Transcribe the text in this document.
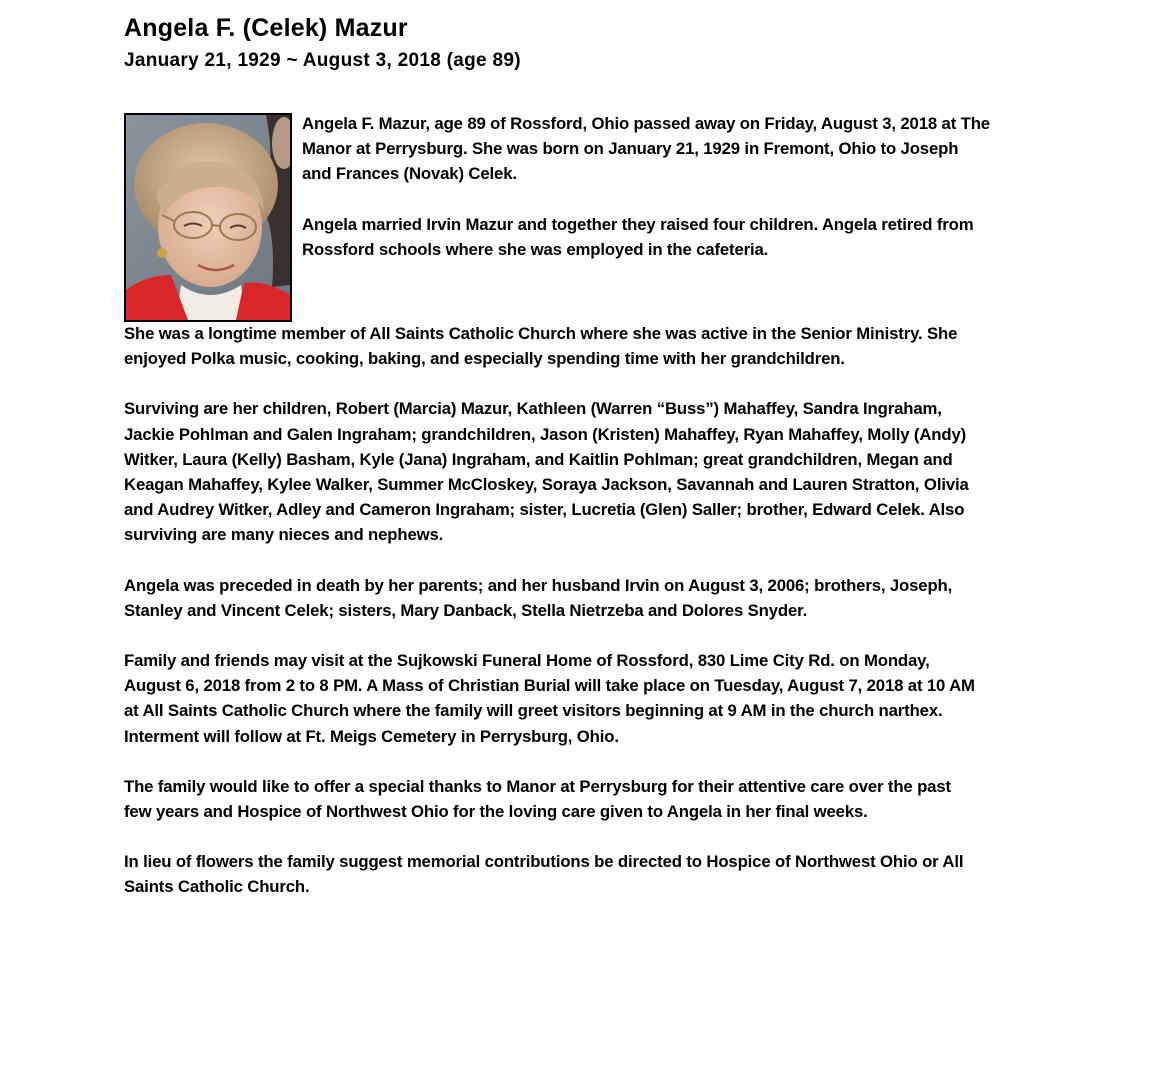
Angela F. (Celek) Mazur
January 21, 1929 ~ August 3, 2018 (age 89)

Angela F. Mazur, age 89 of Rossford, Ohio passed away on Friday, August 3, 2018 at The Manor at Perrysburg. She was born on January 21, 1929 in Fremont, Ohio to Joseph and Frances (Novak) Celek.

Angela married Irvin Mazur and together they raised four children. Angela retired from Rossford schools where she was employed in the cafeteria.

She was a longtime member of All Saints Catholic Church where she was active in the Senior Ministry. She enjoyed Polka music, cooking, baking, and especially spending time with her grandchildren.

Surviving are her children, Robert (Marcia) Mazur, Kathleen (Warren “Buss”) Mahaffey, Sandra Ingraham, Jackie Pohlman and Galen Ingraham; grandchildren, Jason (Kristen) Mahaffey, Ryan Mahaffey, Molly (Andy) Witker, Laura (Kelly) Basham, Kyle (Jana) Ingraham, and Kaitlin Pohlman; great grandchildren, Megan and Keagan Mahaffey, Kylee Walker, Summer McCloskey, Soraya Jackson, Savannah and Lauren Stratton, Olivia and Audrey Witker, Adley and Cameron Ingraham; sister, Lucretia (Glen) Saller; brother, Edward Celek. Also surviving are many nieces and nephews.

Angela was preceded in death by her parents; and her husband Irvin on August 3, 2006; brothers, Joseph, Stanley and Vincent Celek; sisters, Mary Danback, Stella Nietrzeba and Dolores Snyder.

Family and friends may visit at the Sujkowski Funeral Home of Rossford, 830 Lime City Rd. on Monday, August 6, 2018 from 2 to 8 PM. A Mass of Christian Burial will take place on Tuesday, August 7, 2018 at 10 AM at All Saints Catholic Church where the family will greet visitors beginning at 9 AM in the church narthex. Interment will follow at Ft. Meigs Cemetery in Perrysburg, Ohio.

The family would like to offer a special thanks to Manor at Perrysburg for their attentive care over the past few years and Hospice of Northwest Ohio for the loving care given to Angela in her final weeks.

In lieu of flowers the family suggest memorial contributions be directed to Hospice of Northwest Ohio or All Saints Catholic Church.
